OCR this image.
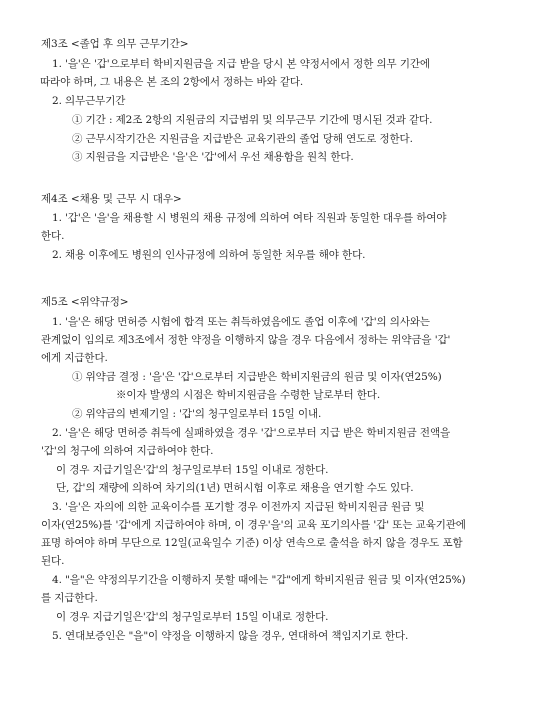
제3조 <졸업 후 의무 근무기간>
1. '을'은 '갑'으로부터 학비지원금을 지급 받을 당시 본 약정서에서 정한 의무 기간에
따라야 하며, 그 내용은 본 조의 2항에서 정하는 바와 같다.
2. 의무근무기간
① 기간 : 제2조 2항의 지원금의 지급범위 및 의무근무 기간에 명시된 것과 같다.
② 근무시작기간은 지원금을 지급받은 교육기관의 졸업 당해 연도로 정한다.
③ 지원금을 지급받은 '을'은 '갑'에서 우선 채용함을 원칙 한다.
제4조 <채용 및 근무 시 대우>
1. '갑'은 '을'을 채용할 시 병원의 채용 규정에 의하여 여타 직원과 동일한 대우를 하여야
한다.
2. 채용 이후에도 병원의 인사규정에 의하여 동일한 처우를 해야 한다.
제5조 <위약규정>
1. '을'은 해당 면허증 시험에 합격 또는 취득하였음에도 졸업 이후에 '갑'의 의사와는
관계없이 임의로 제3조에서 정한 약정을 이행하지 않을 경우 다음에서 정하는 위약금을 '갑'
에게 지급한다.
① 위약금 결정 : '을'은 '갑'으로부터 지급받은 학비지원금의 원금 및 이자(연25%)
※이자 발생의 시점은 학비지원금을 수령한 날로부터 한다.
② 위약금의 변제기일 : '갑'의 청구일로부터 15일 이내.
2. '을'은 해당 면허증 취득에 실패하였을 경우 '갑'으로부터 지급 받은 학비지원금 전액을
'갑'의 청구에 의하여 지급하여야 한다.
이 경우 지급기일은'갑'의 청구일로부터 15일 이내로 정한다.
단, 갑'의 재량에 의하여 차기의(1년) 면허시험 이후로 채용을 연기할 수도 있다.
3. '을'은 자의에 의한 교육이수를 포기할 경우 이전까지 지급된 학비지원금 원금 및
이자(연25%)를 '갑'에게 지급하여야 하며, 이 경우'을'의 교육 포기의사를 '갑' 또는 교육기관에
표명 하여야 하며 무단으로 12일(교육일수 기준) 이상 연속으로 출석을 하지 않을 경우도 포함
된다.
4. "을"은 약정의무기간을 이행하지 못할 때에는 "갑"에게 학비지원금 원금 및 이자(연25%)
를 지급한다.
이 경우 지급기일은'갑'의 청구일로부터 15일 이내로 정한다.
5. 연대보증인은 "을"이 약정을 이행하지 않을 경우, 연대하여 책임지기로 한다.
